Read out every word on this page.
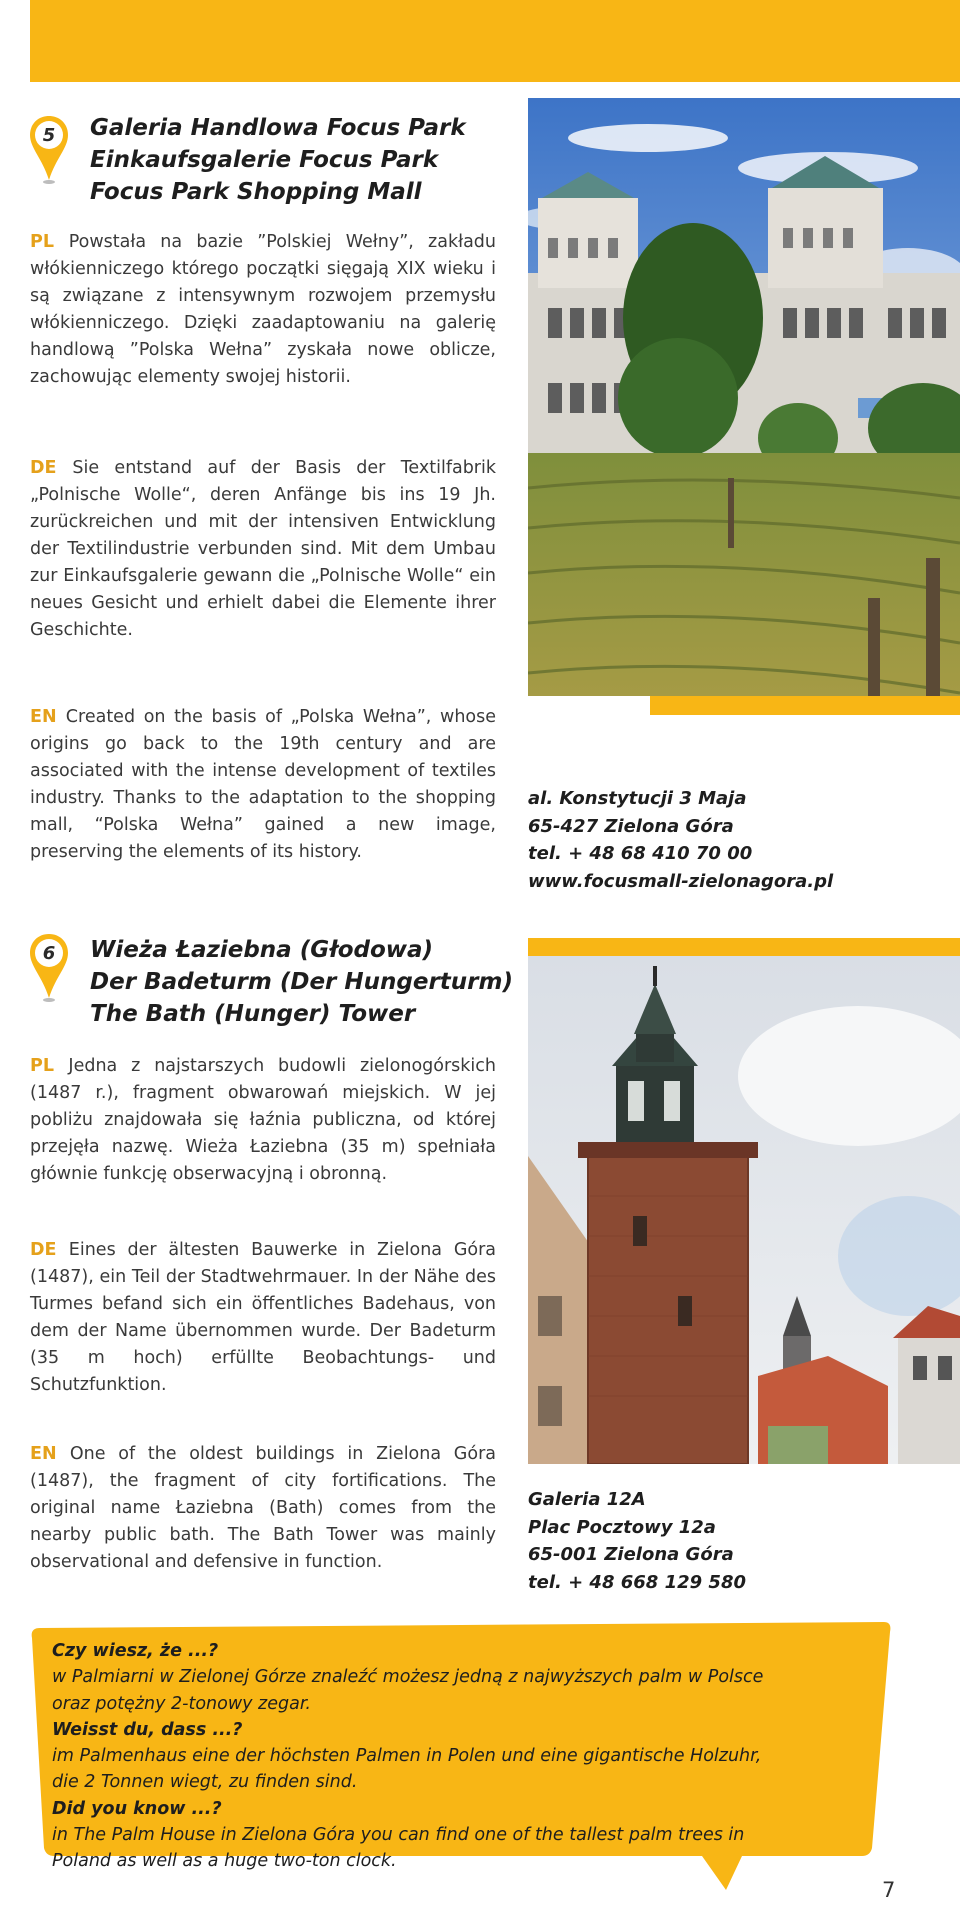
5	Galeria Handlowa Focus Park
Einkaufsgalerie Focus Park
Focus Park Shopping Mall
PL Powstała na bazie ”Polskiej Wełny”, zakładu włókienniczego którego początki sięgają XIX wieku i są związane z intensywnym rozwojem przemysłu włókienniczego. Dzięki zaadaptowaniu na galerię handlową ”Polska Wełna” zyskała nowe oblicze, zachowując elementy swojej historii.
DE Sie entstand auf der Basis der Textilfabrik „Polnische Wolle“, deren Anfänge bis ins 19 Jh. zurückreichen und mit der intensiven Entwicklung der Textilindustrie verbunden sind. Mit dem Umbau zur Einkaufsgalerie gewann die „Polnische Wolle“ ein neues Gesicht und erhielt dabei die Elemente ihrer Geschichte.
EN Created on the basis of „Polska Wełna”, whose origins go back to the 19th century and are associated with the intense development of textiles industry. Thanks to the adaptation to the shopping mall, “Polska Wełna” gained a new image, preserving the elements of its history.
al. Konstytucji 3 Maja
65-427 Zielona Góra
tel. + 48 68 410 70 00
www.focusmall-zielonagora.pl
6	Wieża Łaziebna (Głodowa)
Der Badeturm (Der Hungerturm)
The Bath (Hunger) Tower
PL Jedna z najstarszych budowli zielonogórskich (1487 r.), fragment obwarowań miejskich. W jej pobliżu znajdowała się łaźnia publiczna, od której przejęła nazwę. Wieża Łaziebna (35 m) spełniała głównie funkcję obserwacyjną i obronną.
DE Eines der ältesten Bauwerke in Zielona Góra (1487), ein Teil der Stadtwehrmauer. In der Nähe des Turmes befand sich ein öffentliches Badehaus, von dem der Name übernommen wurde. Der Badeturm (35 m hoch) erfüllte Beobachtungs- und Schutzfunktion.
EN One of the oldest buildings in Zielona Góra (1487), the fragment of city fortifications. The original name Łaziebna (Bath) comes from the nearby public bath. The Bath Tower was mainly observational and defensive in function.
Galeria 12A
Plac Pocztowy 12a
65-001 Zielona Góra
tel. + 48 668 129 580
Czy wiesz, że ...?
w Palmiarni w Zielonej Górze znaleźć możesz jedną z najwyższych palm w Polsce
oraz potężny 2-tonowy zegar.
Weisst du, dass ...?
im Palmenhaus eine der höchsten Palmen in Polen und eine gigantische Holzuhr,
die 2 Tonnen wiegt, zu finden sind.
Did you know ...?
in The Palm House in Zielona Góra you can find one of the tallest palm trees in
Poland as well as a huge two-ton clock.
7
